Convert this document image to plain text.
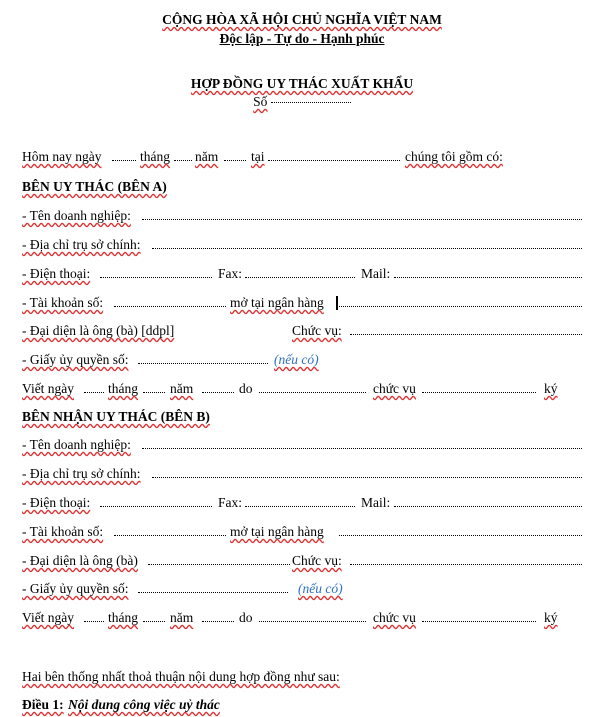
CỘNG HÒA XÃ HỘI CHỦ NGHĨA VIỆT NAM
Độc lập - Tự do - Hạnh phúc
HỢP ĐỒNG UY THÁC XUẤT KHẨU
Số
Hôm nay ngày	tháng năm tại	chúng tôi gồm có:
BÊN UY THÁC (BÊN A)
- Tên doanh nghiệp:
- Địa chỉ trụ sở chính:
- Điện thoại:	Fax:	Mail:
- Tài khoản số:	mở tại ngân hàng
- Đại diện là ông (bà) [ddpl]	Chức vụ:
- Giấy ủy quyền số:	(nếu có)
Viết ngày	tháng năm	do	chức vụ	ký
BÊN NHẬN UY THÁC (BÊN B)
- Tên doanh nghiệp:
- Địa chỉ trụ sở chính:
- Điện thoại:	Fax:	Mail:
- Tài khoản số:	mở tại ngân hàng
- Đại diện là ông (bà)	Chức vụ:
- Giấy ủy quyền số:	(nếu có)
Viết ngày	tháng năm	do	chức vụ	ký
Hai bên thống nhất thoả thuận nội dung hợp đồng như sau:
Điều 1: Nội dung công việc uỷ thác
